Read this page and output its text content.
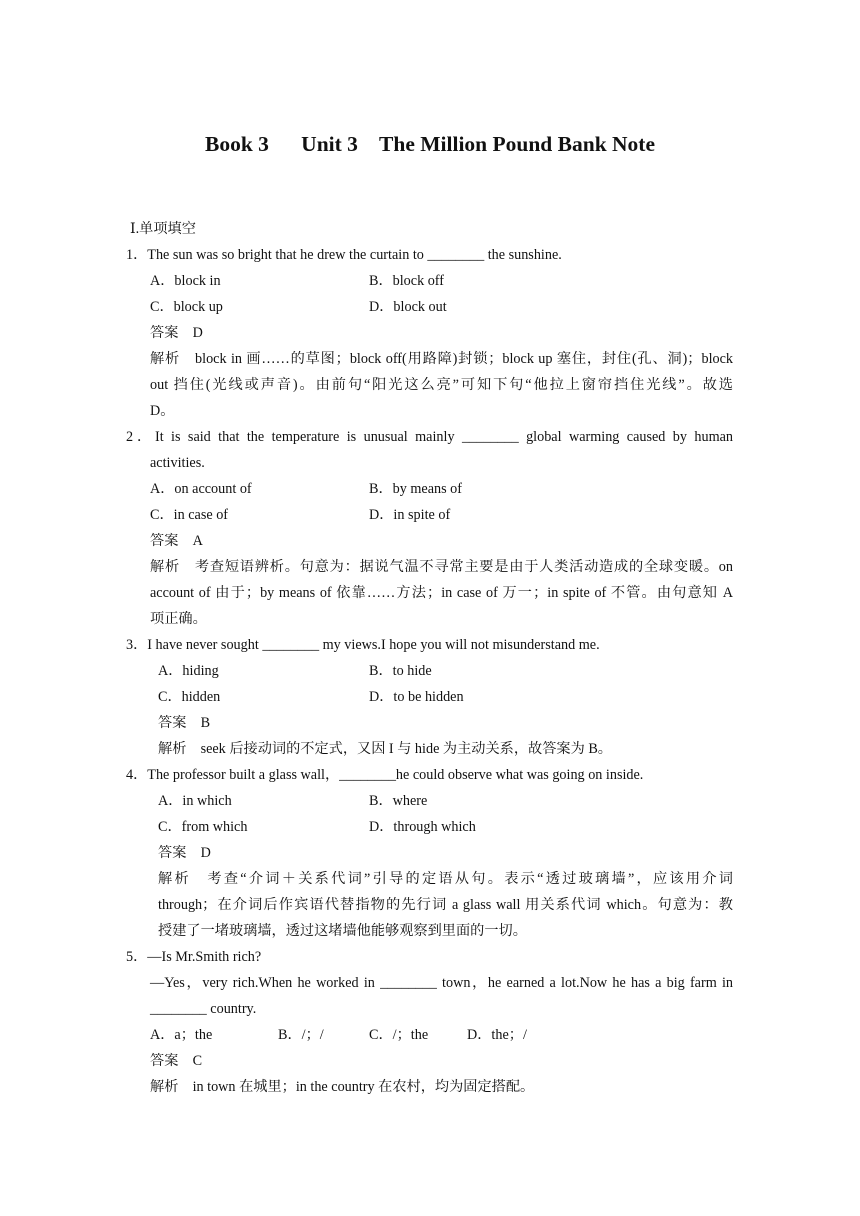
Book 3      Unit 3    The Million Pound Bank Note
Ⅰ.单项填空
1．The sun was so bright that he drew the curtain to ________ the sunshine.
A．block in	B．block off
C．block up	D．block out
答案　D
解析　block in 画……的草图；block off(用路障)封锁；block up 塞住，封住(孔、洞)；block
out 挡住(光线或声音)。由前句“阳光这么亮”可知下句“他拉上窗帘挡住光线”。故选
D。
2．It is said that the temperature is unusual mainly ________ global warming caused by human
activities.
A．on account of	B．by means of
C．in case of	D．in spite of
答案　A
解析　考查短语辨析。句意为：据说气温不寻常主要是由于人类活动造成的全球变暖。on
account of 由于；by means of 依靠……方法；in case of 万一；in spite of 不管。由句意知 A
项正确。
3．I have never sought ________ my views.I hope you will not misunderstand me.
A．hiding	B．to hide
C．hidden	D．to be hidden
答案　B
解析　seek 后接动词的不定式，又因 I 与 hide 为主动关系，故答案为 B。
4．The professor built a glass wall，________he could observe what was going on inside.
A．in which	B．where
C．from which	D．through which
答案　D
解析　考查“介词＋关系代词”引导的定语从句。表示“透过玻璃墙”，应该用介词
through；在介词后作宾语代替指物的先行词 a glass wall 用关系代词 which。句意为：教
授建了一堵玻璃墙，透过这堵墙他能够观察到里面的一切。
5．—Is Mr.Smith rich?
—Yes，very rich.When he worked in ________ town，he earned a lot.Now he has a big farm in
________ country.
A．a；the	B．/；/	C．/；the	D．the；/
答案　C
解析　in town 在城里；in the country 在农村，均为固定搭配。
